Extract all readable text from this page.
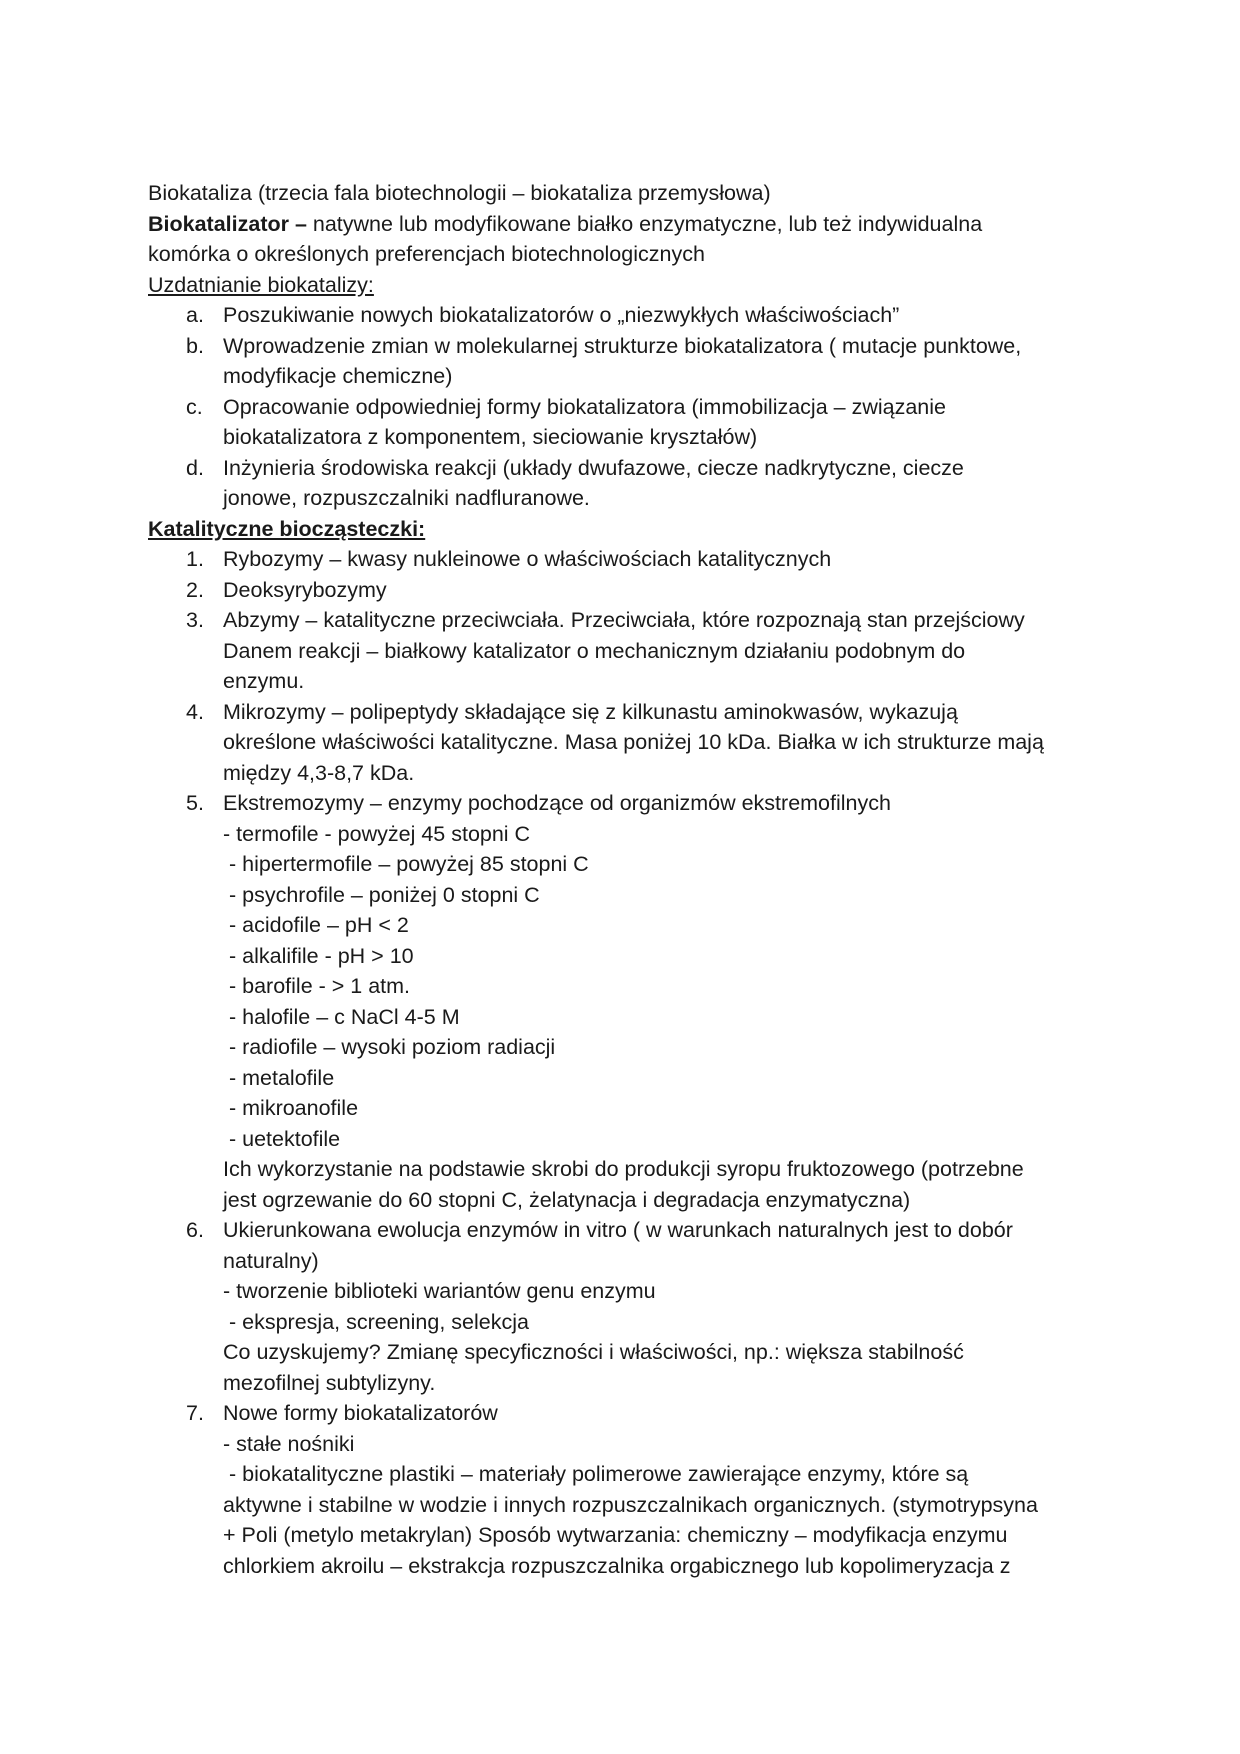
Biokataliza (trzecia fala biotechnologii – biokataliza przemysłowa)
Biokatalizator – natywne lub modyfikowane białko enzymatyczne, lub też indywidualna
komórka o określonych preferencjach biotechnologicznych
Uzdatnianie biokatalizy:
a. Poszukiwanie nowych biokatalizatorów o „niezwykłych właściwościach”
b. Wprowadzenie zmian w molekularnej strukturze biokatalizatora ( mutacje punktowe,
modyfikacje chemiczne)
c. Opracowanie odpowiedniej formy biokatalizatora (immobilizacja – związanie
biokatalizatora z komponentem, sieciowanie kryształów)
d. Inżynieria środowiska reakcji (układy dwufazowe, ciecze nadkrytyczne, ciecze
jonowe, rozpuszczalniki nadfluranowe.
Katalityczne biocząsteczki:
1. Rybozymy – kwasy nukleinowe o właściwościach katalitycznych
2. Deoksyrybozymy
3. Abzymy – katalityczne przeciwciała. Przeciwciała, które rozpoznają stan przejściowy
Danem reakcji – białkowy katalizator o mechanicznym działaniu podobnym do
enzymu.
4. Mikrozymy – polipeptydy składające się z kilkunastu aminokwasów, wykazują
określone właściwości katalityczne. Masa poniżej 10 kDa. Białka w ich strukturze mają
między 4,3-8,7 kDa.
5. Ekstremozymy – enzymy pochodzące od organizmów ekstremofilnych
- termofile - powyżej 45 stopni C
- hipertermofile – powyżej 85 stopni C
- psychrofile – poniżej 0 stopni C
- acidofile – pH < 2
- alkalifile - pH > 10
- barofile - > 1 atm.
- halofile – c NaCl 4-5 M
- radiofile – wysoki poziom radiacji
- metalofile
- mikroanofile
- uetektofile
Ich wykorzystanie na podstawie skrobi do produkcji syropu fruktozowego (potrzebne
jest ogrzewanie do 60 stopni C, żelatynacja i degradacja enzymatyczna)
6. Ukierunkowana ewolucja enzymów in vitro ( w warunkach naturalnych jest to dobór
naturalny)
- tworzenie biblioteki wariantów genu enzymu
- ekspresja, screening, selekcja
Co uzyskujemy? Zmianę specyficzności i właściwości, np.: większa stabilność
mezofilnej subtylizyny.
7. Nowe formy biokatalizatorów
- stałe nośniki
- biokatalityczne plastiki – materiały polimerowe zawierające enzymy, które są
aktywne i stabilne w wodzie i innych rozpuszczalnikach organicznych. (stymotrypsyna
+ Poli (metylo metakrylan) Sposób wytwarzania: chemiczny – modyfikacja enzymu
chlorkiem akroilu – ekstrakcja rozpuszczalnika orgabicznego lub kopolimeryzacja z
